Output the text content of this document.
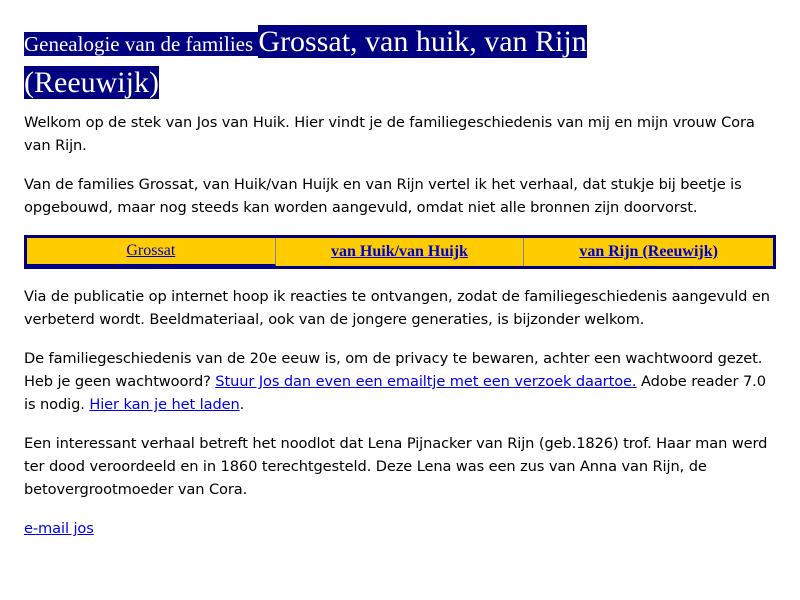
Genealogie van de families Grossat, van huik, van Rijn
(Reeuwijk)

Welkom op de stek van Jos van Huik. Hier vindt je de familiegeschiedenis van mij en mijn vrouw Cora van Rijn.

Van de families Grossat, van Huik/van Huijk en van Rijn vertel ik het verhaal, dat stukje bij beetje is opgebouwd, maar nog steeds kan worden aangevuld, omdat niet alle bronnen zijn doorvorst.

Grossat	van Huik/van Huijk	van Rijn (Reeuwijk)

Via de publicatie op internet hoop ik reacties te ontvangen, zodat de familiegeschiedenis aangevuld en verbeterd wordt. Beeldmateriaal, ook van de jongere generaties, is bijzonder welkom.

De familiegeschiedenis van de 20e eeuw is, om de privacy te bewaren, achter een wachtwoord gezet. Heb je geen wachtwoord? Stuur Jos dan even een emailtje met een verzoek daartoe. Adobe reader 7.0 is nodig. Hier kan je het laden.

Een interessant verhaal betreft het noodlot dat Lena Pijnacker van Rijn (geb.1826) trof. Haar man werd ter dood veroordeeld en in 1860 terechtgesteld. Deze Lena was een zus van Anna van Rijn, de betovergrootmoeder van Cora.

e-mail jos
